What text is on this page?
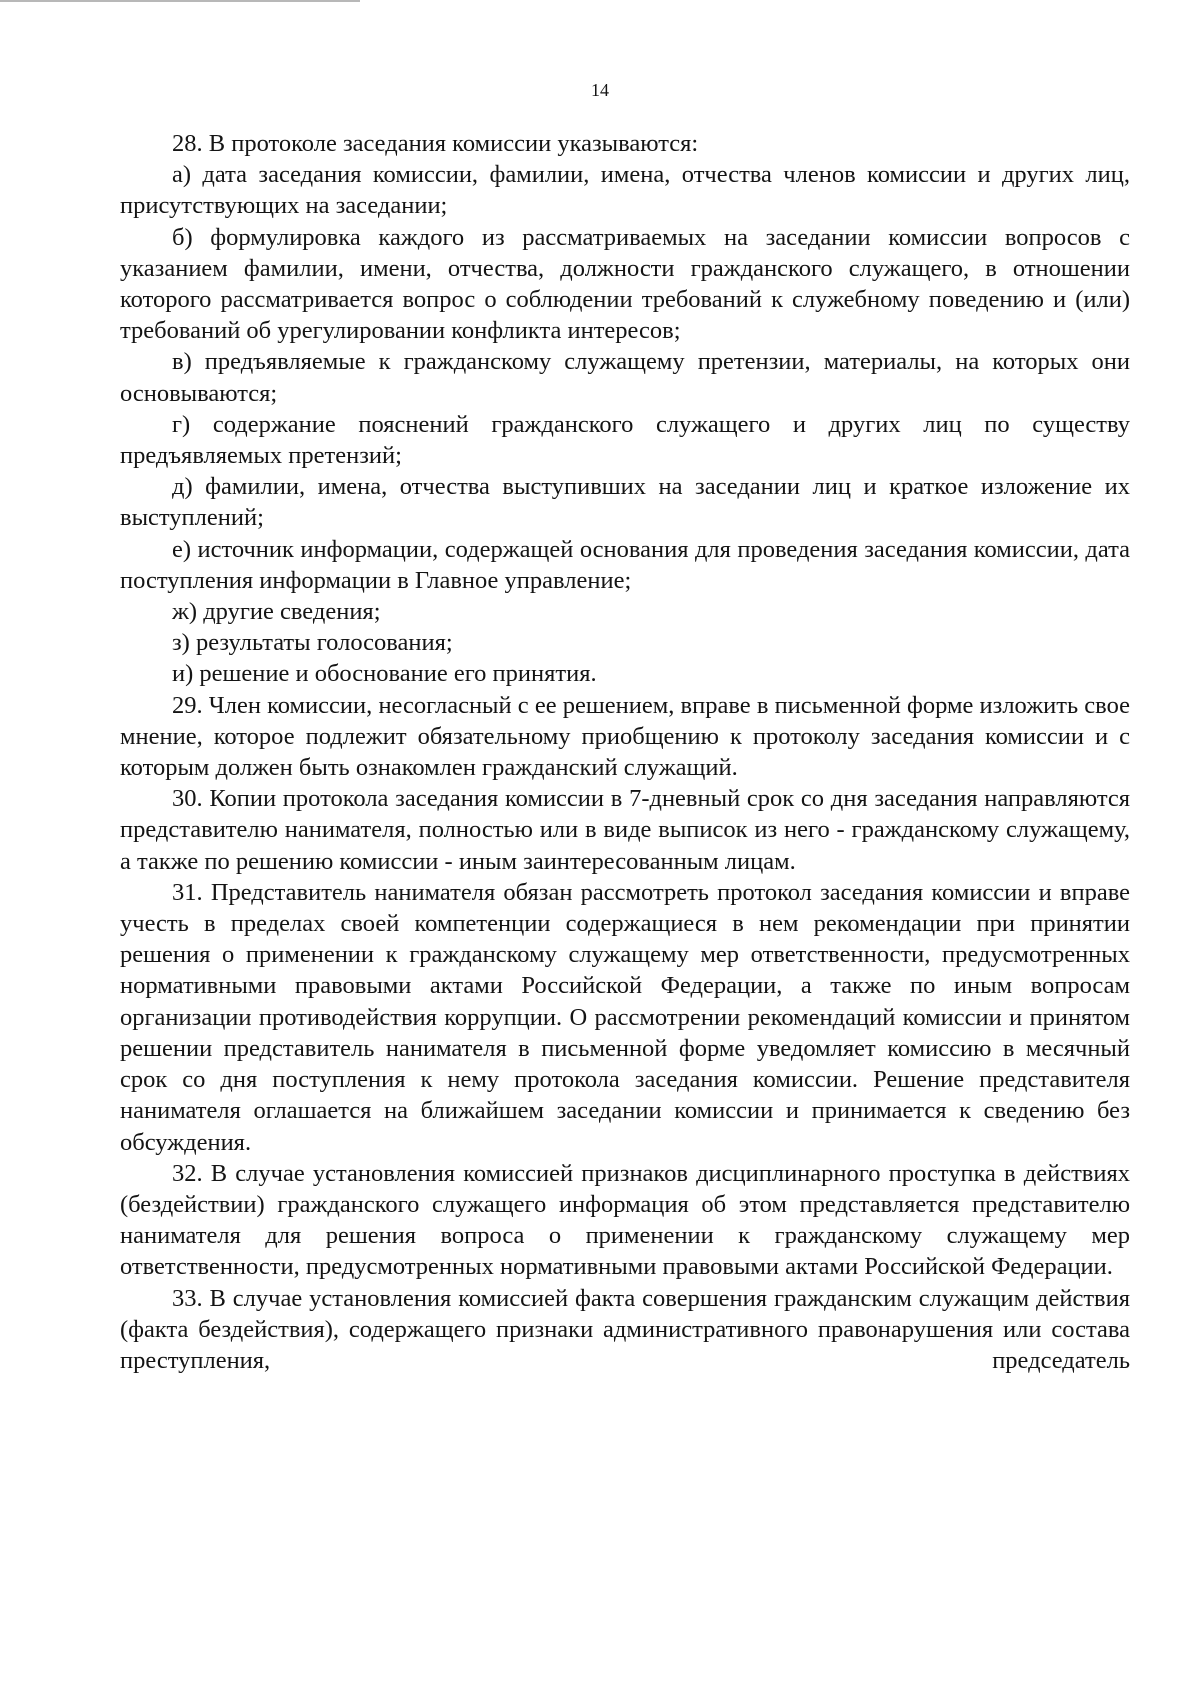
14

28. В протоколе заседания комиссии указываются:

а) дата заседания комиссии, фамилии, имена, отчества членов комиссии и других лиц, присутствующих на заседании;

б) формулировка каждого из рассматриваемых на заседании комиссии вопросов с указанием фамилии, имени, отчества, должности гражданского служащего, в отношении которого рассматривается вопрос о соблюдении требований к служебному поведению и (или) требований об урегулировании конфликта интересов;

в) предъявляемые к гражданскому служащему претензии, материалы, на которых они основываются;

г) содержание пояснений гражданского служащего и других лиц по существу предъявляемых претензий;

д) фамилии, имена, отчества выступивших на заседании лиц и краткое изложение их выступлений;

е) источник информации, содержащей основания для проведения заседания комиссии, дата поступления информации в Главное управление;

ж) другие сведения;

з) результаты голосования;

и) решение и обоснование его принятия.

29. Член комиссии, несогласный с ее решением, вправе в письменной форме изложить свое мнение, которое подлежит обязательному приобщению к протоколу заседания комиссии и с которым должен быть ознакомлен гражданский служащий.

30. Копии протокола заседания комиссии в 7-дневный срок со дня заседания направляются представителю нанимателя, полностью или в виде выписок из него - гражданскому служащему, а также по решению комиссии - иным заинтересованным лицам.

31. Представитель нанимателя обязан рассмотреть протокол заседания комиссии и вправе учесть в пределах своей компетенции содержащиеся в нем рекомендации при принятии решения о применении к гражданскому служащему мер ответственности, предусмотренных нормативными правовыми актами Российской Федерации, а также по иным вопросам организации противодействия коррупции. О рассмотрении рекомендаций комиссии и принятом решении представитель нанимателя в письменной форме уведомляет комиссию в месячный срок со дня поступления к нему протокола заседания комиссии. Решение представителя нанимателя оглашается на ближайшем заседании комиссии и принимается к сведению без обсуждения.

32. В случае установления комиссией признаков дисциплинарного проступка в действиях (бездействии) гражданского служащего информация об этом представляется представителю нанимателя для решения вопроса о применении к гражданскому служащему мер ответственности, предусмотренных нормативными правовыми актами Российской Федерации.

33. В случае установления комиссией факта совершения гражданским служащим действия (факта бездействия), содержащего признаки административного правонарушения или состава преступления, председатель
